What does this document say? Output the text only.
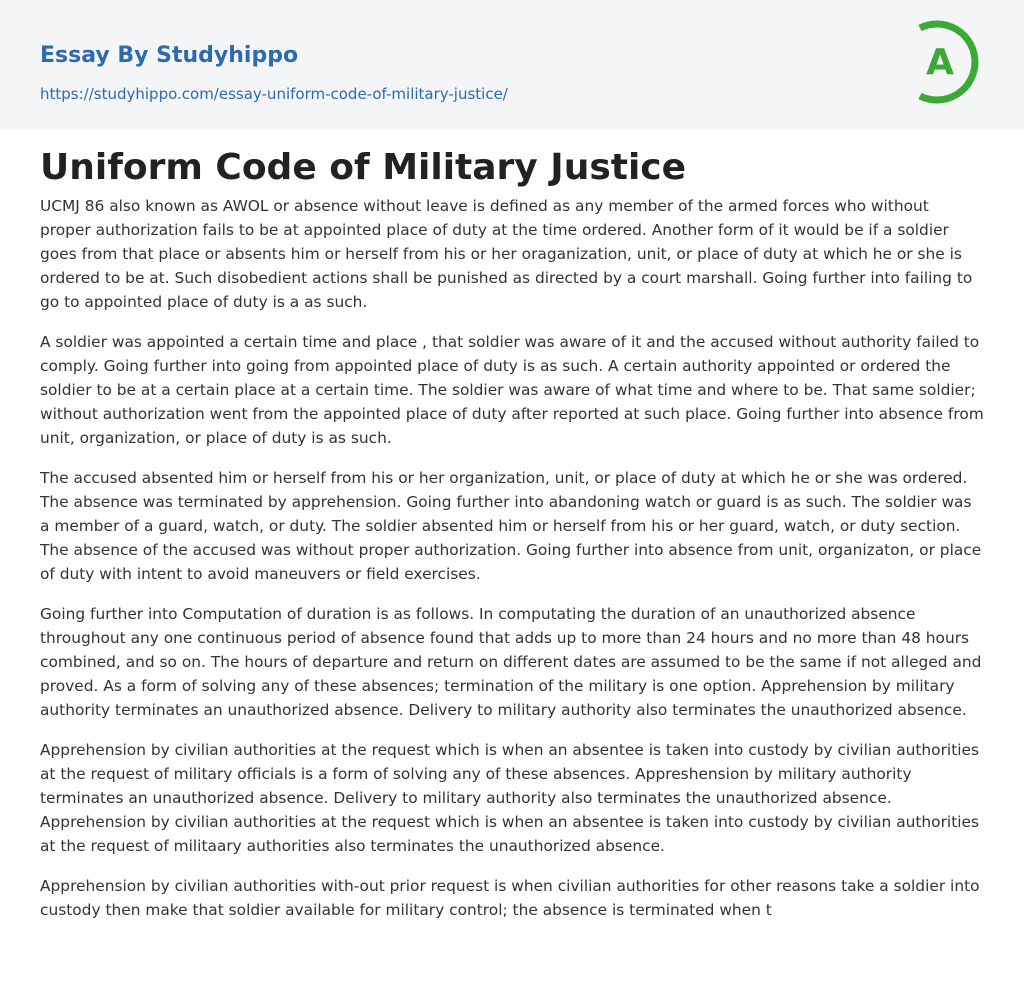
Essay By Studyhippo
https://studyhippo.com/essay-uniform-code-of-military-justice/
A
Uniform Code of Military Justice

UCMJ 86 also known as AWOL or absence without leave is defined as any member of the armed forces who without proper authorization fails to be at appointed place of duty at the time ordered. Another form of it would be if a soldier goes from that place or absents him or herself from his or her oraganization, unit, or place of duty at which he or she is ordered to be at. Such disobedient actions shall be punished as directed by a court marshall. Going further into failing to go to appointed place of duty is a as such.

A soldier was appointed a certain time and place , that soldier was aware of it and the accused without authority failed to comply. Going further into going from appointed place of duty is as such. A certain authority appointed or ordered the soldier to be at a certain place at a certain time. The soldier was aware of what time and where to be. That same soldier; without authorization went from the appointed place of duty after reported at such place. Going further into absence from unit, organization, or place of duty is as such.

The accused absented him or herself from his or her organization, unit, or place of duty at which he or she was ordered. The absence was terminated by apprehension. Going further into abandoning watch or guard is as such. The soldier was a member of a guard, watch, or duty. The soldier absented him or herself from his or her guard, watch, or duty section. The absence of the accused was without proper authorization. Going further into absence from unit, organizaton, or place of duty with intent to avoid maneuvers or field exercises.

Going further into Computation of duration is as follows. In computating the duration of an unauthorized absence throughout any one continuous period of absence found that adds up to more than 24 hours and no more than 48 hours combined, and so on. The hours of departure and return on different dates are assumed to be the same if not alleged and proved. As a form of solving any of these absences; termination of the military is one option. Apprehension by military authority terminates an unauthorized absence. Delivery to military authority also terminates the unauthorized absence.

Apprehension by civilian authorities at the request which is when an absentee is taken into custody by civilian authorities at the request of military officials is a form of solving any of these absences. Appreshension by military authority terminates an unauthorized absence. Delivery to military authority also terminates the unauthorized absence. Apprehension by civilian authorities at the request which is when an absentee is taken into custody by civilian authorities at the request of militaary authorities also terminates the unauthorized absence.

Apprehension by civilian authorities with-out prior request is when civilian authorities for other reasons take a soldier into custody then make that soldier available for military control; the absence is terminated when t
